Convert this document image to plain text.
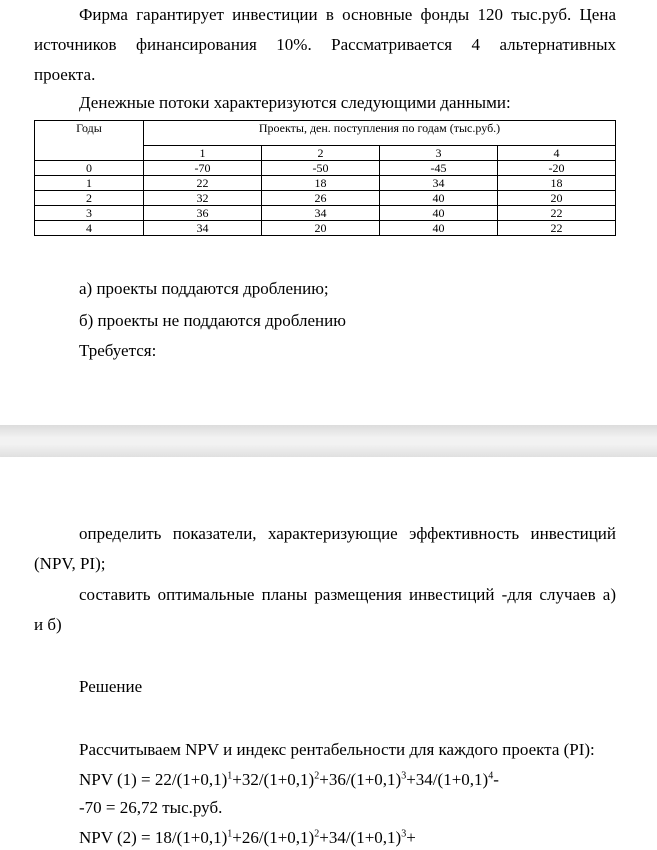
Фирма гарантирует инвестиции в основные фонды 120 тыс.руб. Цена
источников финансирования 10%. Рассматривается 4 альтернативных
проекта.
Денежные потоки характеризуются следующими данными:
Годы	Проекты, ден. поступления по годам (тыс.руб.)			
	1	2	3	4
0	-70	-50	-45	-20
1	22	18	34	18
2	32	26	40	20
3	36	34	40	22
4	34	20	40	22
а) проекты поддаются дроблению;
б) проекты не поддаются дроблению
Требуется:
определить показатели, характеризующие эффективность инвестиций
(NPV, PI);
составить оптимальные планы размещения инвестиций -для случаев а)
и б)
Решение
Рассчитываем NPV и индекс рентабельности для каждого проекта (PI):
NPV $(1) = 22/(1+0,1)^1+32/(1+0,1)^2+36/(1+0,1)^3+34/(1+0,1)^4-$
-70 = 26,72 тыс.руб.
NPV $(2) = 18/(1+0,1)^1+26/(1+0,1)^2+34/(1+0,1)^3+$
